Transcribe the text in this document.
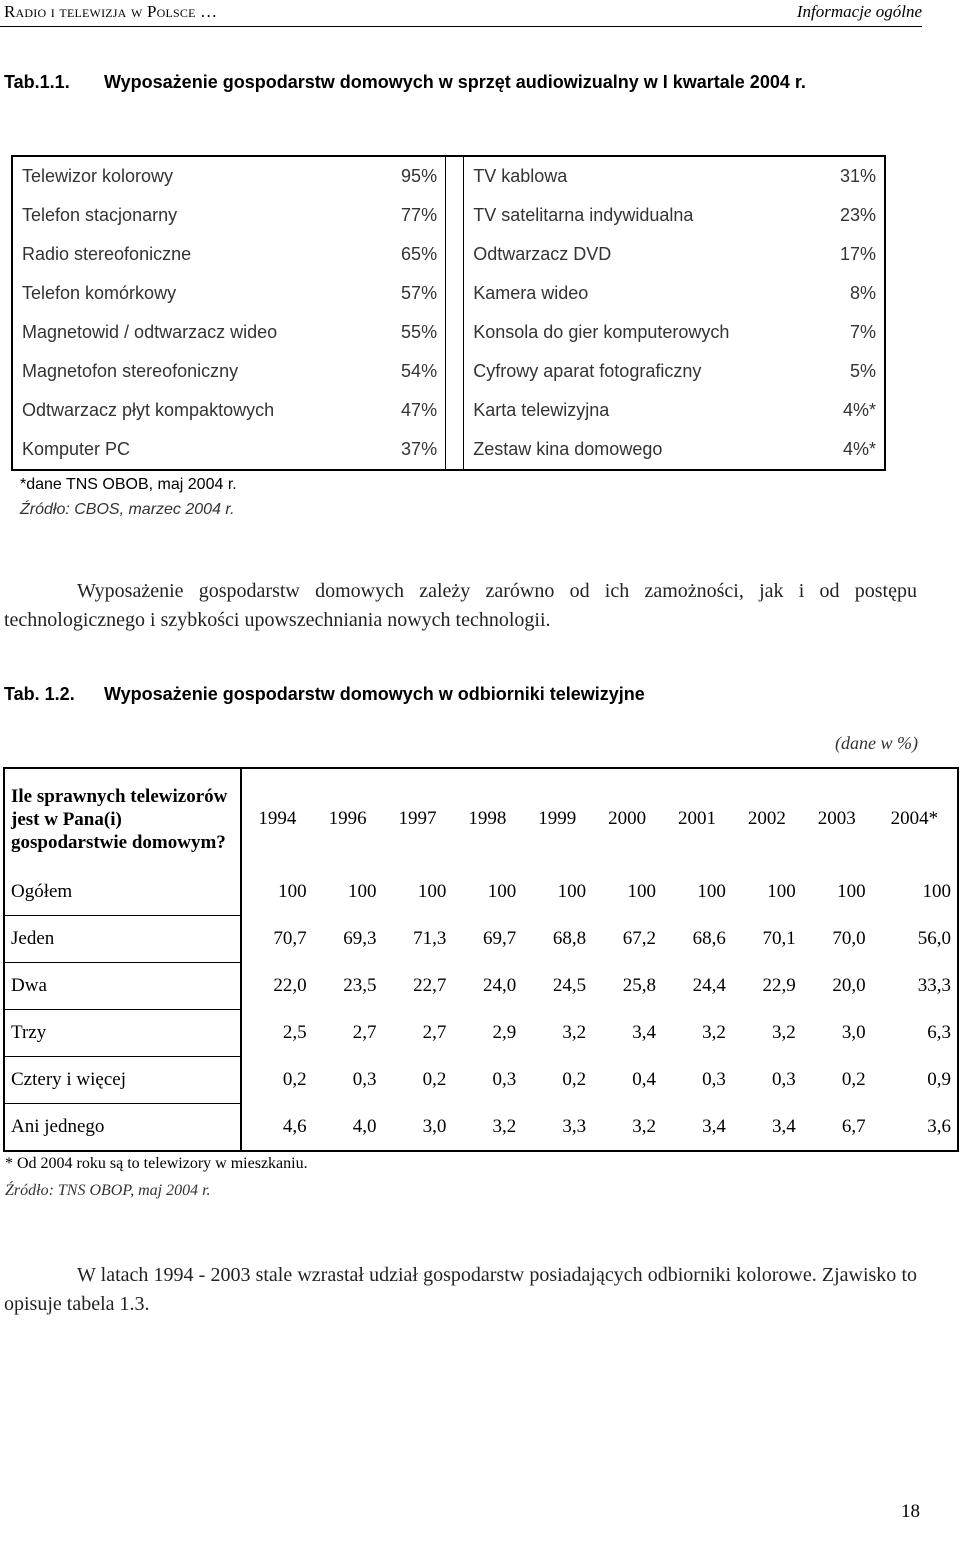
Radio i telewizja w Polsce …	Informacje ogólne
Tab.1.1. Wyposażenie gospodarstw domowych w sprzęt audiowizualny w I kwartale 2004 r.
Telewizor kolorowy	95%		TV kablowa	31%
Telefon stacjonarny	77%		TV satelitarna indywidualna	23%
Radio stereofoniczne	65%		Odtwarzacz DVD	17%
Telefon komórkowy	57%		Kamera wideo	8%
Magnetowid / odtwarzacz wideo	55%		Konsola do gier komputerowych	7%
Magnetofon stereofoniczny	54%		Cyfrowy aparat fotograficzny	5%
Odtwarzacz płyt kompaktowych	47%		Karta telewizyjna	4%*
Komputer PC	37%		Zestaw kina domowego	4%*
*dane TNS OBOB, maj 2004 r.
Źródło: CBOS, marzec 2004 r.
Wyposażenie gospodarstw domowych zależy zarówno od ich zamożności, jak i od postępu technologicznego i szybkości upowszechniania nowych technologii.
Tab. 1.2. Wyposażenie gospodarstw domowych w odbiorniki telewizyjne
(dane w %)
Ile sprawnych telewizorów jest w Pana(i) gospodarstwie domowym?	1994	1996	1997	1998	1999	2000	2001	2002	2003	2004*
Ogółem	100	100	100	100	100	100	100	100	100	100
Jeden	70,7	69,3	71,3	69,7	68,8	67,2	68,6	70,1	70,0	56,0
Dwa	22,0	23,5	22,7	24,0	24,5	25,8	24,4	22,9	20,0	33,3
Trzy	2,5	2,7	2,7	2,9	3,2	3,4	3,2	3,2	3,0	6,3
Cztery i więcej	0,2	0,3	0,2	0,3	0,2	0,4	0,3	0,3	0,2	0,9
Ani jednego	4,6	4,0	3,0	3,2	3,3	3,2	3,4	3,4	6,7	3,6
* Od 2004 roku są to telewizory w mieszkaniu.
Źródło: TNS OBOP, maj 2004 r.
W latach 1994 - 2003 stale wzrastał udział gospodarstw posiadających odbiorniki kolorowe. Zjawisko to opisuje tabela 1.3.
18
